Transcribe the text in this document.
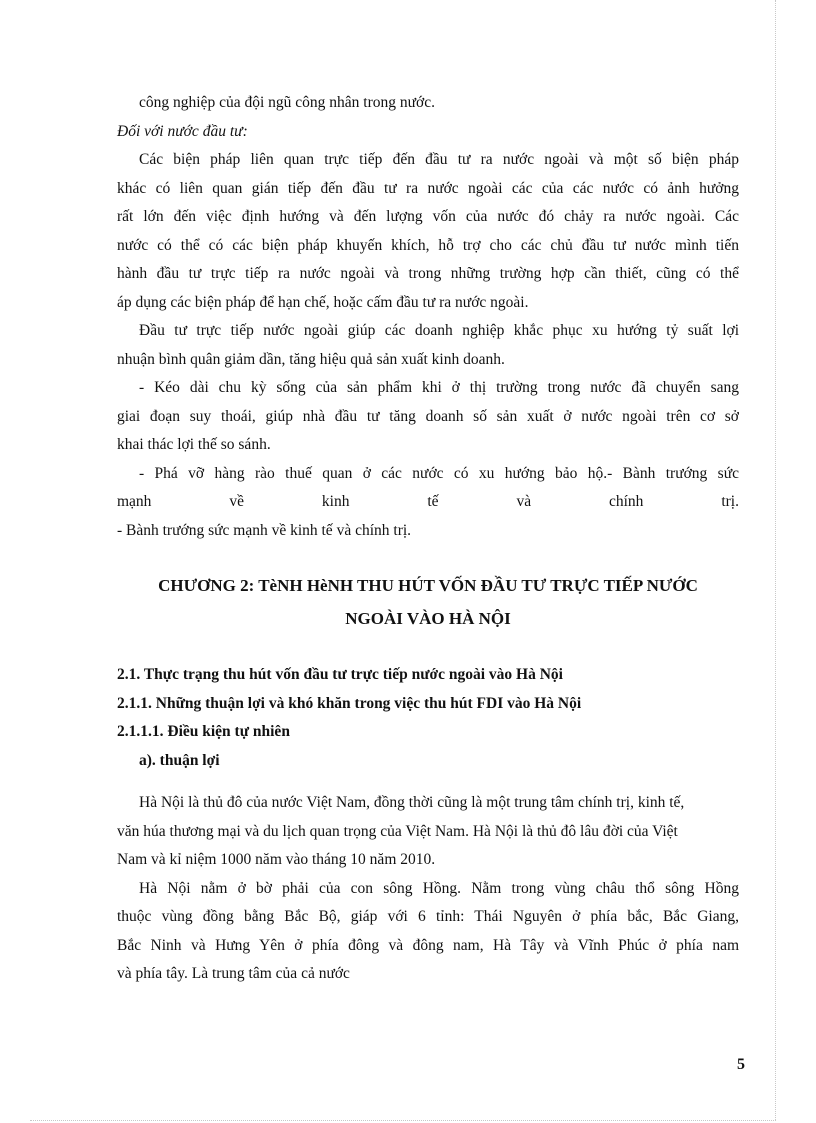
công nghiệp của đội ngũ công nhân trong nước.
Đối với nước đầu tư:
Các biện pháp liên quan trực tiếp đến đầu tư ra nước ngoài và một số biện pháp
khác có liên quan gián tiếp đến đầu tư ra nước ngoài các của các nước có ảnh hưởng
rất lớn đến việc định hướng và đến lượng vốn của nước đó chảy ra nước ngoài. Các
nước có thể có các biện pháp khuyến khích, hỗ trợ cho các chủ đầu tư nước mình tiến
hành đầu tư trực tiếp ra nước ngoài và trong những trường hợp cần thiết, cũng có thể
áp dụng các biện pháp để hạn chế, hoặc cấm đầu tư ra nước ngoài.
Đầu tư trực tiếp nước ngoài giúp các doanh nghiệp khắc phục xu hướng tỷ suất lợi
nhuận bình quân giảm dần, tăng hiệu quả sản xuất kinh doanh.
- Kéo dài chu kỳ sống của sản phẩm khi ở thị trường trong nước đã chuyển sang
giai đoạn suy thoái, giúp nhà đầu tư tăng doanh số sản xuất ở nước ngoài trên cơ sở
khai thác lợi thế so sánh.
- Phá vỡ hàng rào thuế quan ở các nước có xu hướng bảo hộ.- Bành trướng sức
mạnh về kinh tế và chính trị.
- Bành trướng sức mạnh về kinh tế và chính trị.
CHƯƠNG 2: TèNH HèNH THU HÚT VỐN ĐẦU TƯ TRỰC TIẾP NƯỚC
NGOÀI VÀO HÀ NỘI
2.1. Thực trạng thu hút vốn đầu tư trực tiếp nước ngoài vào Hà Nội
2.1.1. Những thuận lợi và khó khăn trong việc thu hút FDI vào Hà Nội
2.1.1.1. Điều kiện tự nhiên
a). thuận lợi
Hà Nội là thủ đô của nước Việt Nam, đồng thời cũng là một trung tâm chính trị, kinh tế,
văn húa thương mại và du lịch quan trọng của Việt Nam. Hà Nội là thủ đô lâu đời của Việt
Nam và kỉ niệm 1000 năm vào tháng 10 năm 2010.
Hà Nội nằm ở bờ phải của con sông Hồng. Nằm trong vùng châu thổ sông Hồng
thuộc vùng đồng bằng Bắc Bộ, giáp với 6 tỉnh: Thái Nguyên ở phía bắc, Bắc Giang,
Bắc Ninh và Hưng Yên ở phía đông và đông nam, Hà Tây và Vĩnh Phúc ở phía nam
và phía tây. Là trung tâm của cả nước
5
